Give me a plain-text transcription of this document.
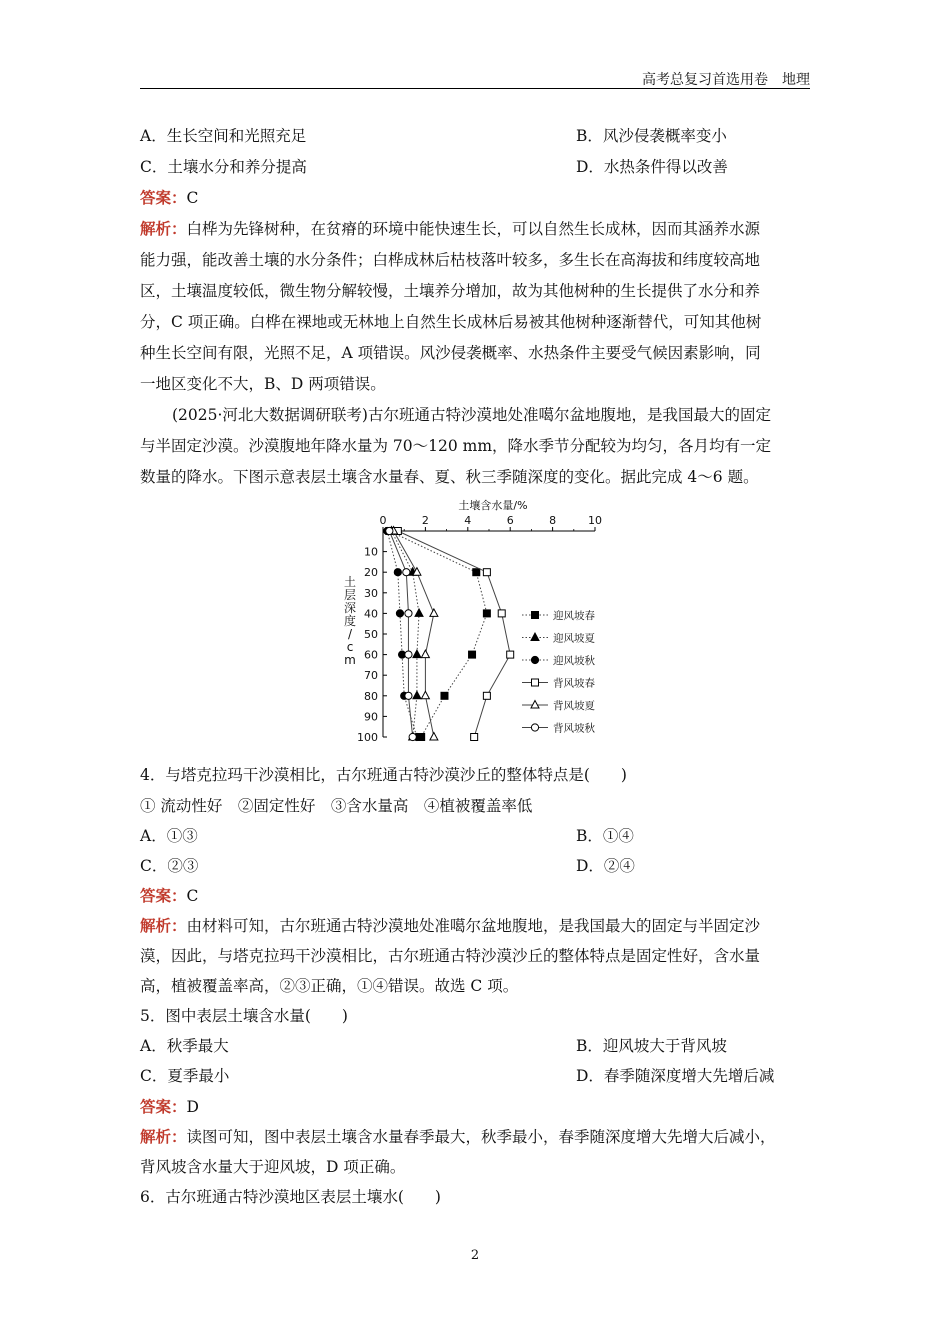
高考总复习首选用卷　地理
A．生长空间和光照充足	B．风沙侵袭概率变小
C．土壤水分和养分提高	D．水热条件得以改善
答案：C
解析：白桦为先锋树种，在贫瘠的环境中能快速生长，可以自然生长成林，因而其涵养水源
能力强，能改善土壤的水分条件；白桦成林后枯枝落叶较多，多生长在高海拔和纬度较高地
区，土壤温度较低，微生物分解较慢，土壤养分增加，故为其他树种的生长提供了水分和养
分，C 项正确。白桦在裸地或无林地上自然生长成林后易被其他树种逐渐替代，可知其他树
种生长空间有限，光照不足，A 项错误。风沙侵袭概率、水热条件主要受气候因素影响，同
一地区变化不大，B、D 两项错误。
(2025·河北大数据调研联考)古尔班通古特沙漠地处准噶尔盆地腹地，是我国最大的固定
与半固定沙漠。沙漠腹地年降水量为 70～120 mm，降水季节分配较为均匀，各月均有一定
数量的降水。下图示意表层土壤含水量春、夏、秋三季随深度的变化。据此完成 4～6 题。
土壤含水量/%
0	2	4	6	8	10
10
20
30
40
50
60
70
80
90
100
迎风坡春
迎风坡夏
迎风坡秋
背风坡春
背风坡夏
背风坡秋
土
层
深
度
/
c
m
4．与塔克拉玛干沙漠相比，古尔班通古特沙漠沙丘的整体特点是(　　)
① 流动性好　②固定性好　③含水量高　④植被覆盖率低
A．①③	B．①④
C．②③	D．②④
答案：C
解析：由材料可知，古尔班通古特沙漠地处准噶尔盆地腹地，是我国最大的固定与半固定沙
漠，因此，与塔克拉玛干沙漠相比，古尔班通古特沙漠沙丘的整体特点是固定性好，含水量
高，植被覆盖率高，②③正确，①④错误。故选 C 项。
5．图中表层土壤含水量(　　)
A．秋季最大	B．迎风坡大于背风坡
C．夏季最小	D．春季随深度增大先增后减
答案：D
解析：读图可知，图中表层土壤含水量春季最大，秋季最小，春季随深度增大先增大后减小，
背风坡含水量大于迎风坡，D 项正确。
6．古尔班通古特沙漠地区表层土壤水(　　)
2
